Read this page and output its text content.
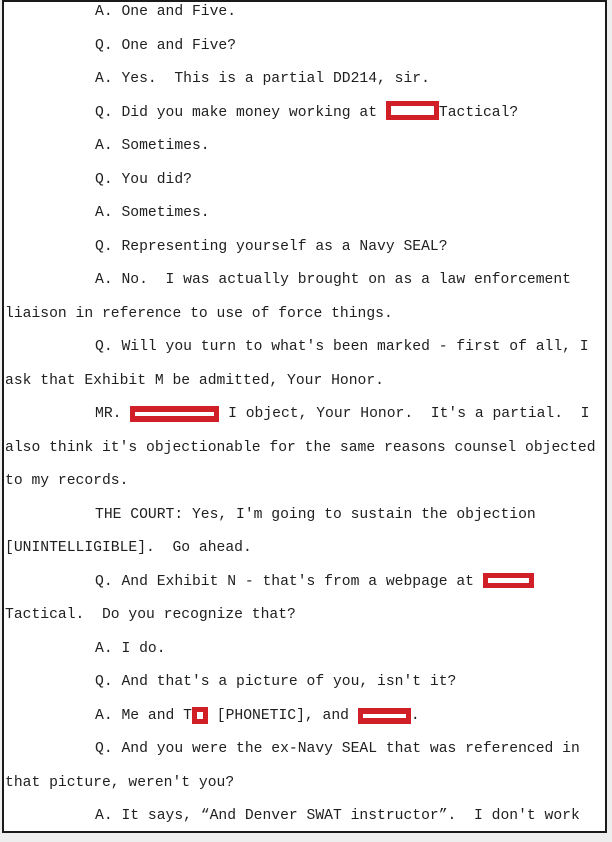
A. One and Five.
Q. One and Five?
A. Yes.  This is a partial DD214, sir.
Q. Did you make money working at	Tactical?
A. Sometimes.
Q. You did?
A. Sometimes.
Q. Representing yourself as a Navy SEAL?
A. No.  I was actually brought on as a law enforcement
liaison in reference to use of force things.
Q. Will you turn to what's been marked - first of all, I
ask that Exhibit M be admitted, Your Honor.
MR.	I object, Your Honor.  It's a partial.  I
also think it's objectionable for the same reasons counsel objected
to my records.
THE COURT: Yes, I'm going to sustain the objection
[UNINTELLIGIBLE].  Go ahead.
Q. And Exhibit N - that's from a webpage at
Tactical.  Do you recognize that?
A. I do.
Q. And that's a picture of you, isn't it?
A. Me and T [PHONETIC], and	.
Q. And you were the ex-Navy SEAL that was referenced in
that picture, weren't you?
A. It says, “And Denver SWAT instructor”.  I don't work
